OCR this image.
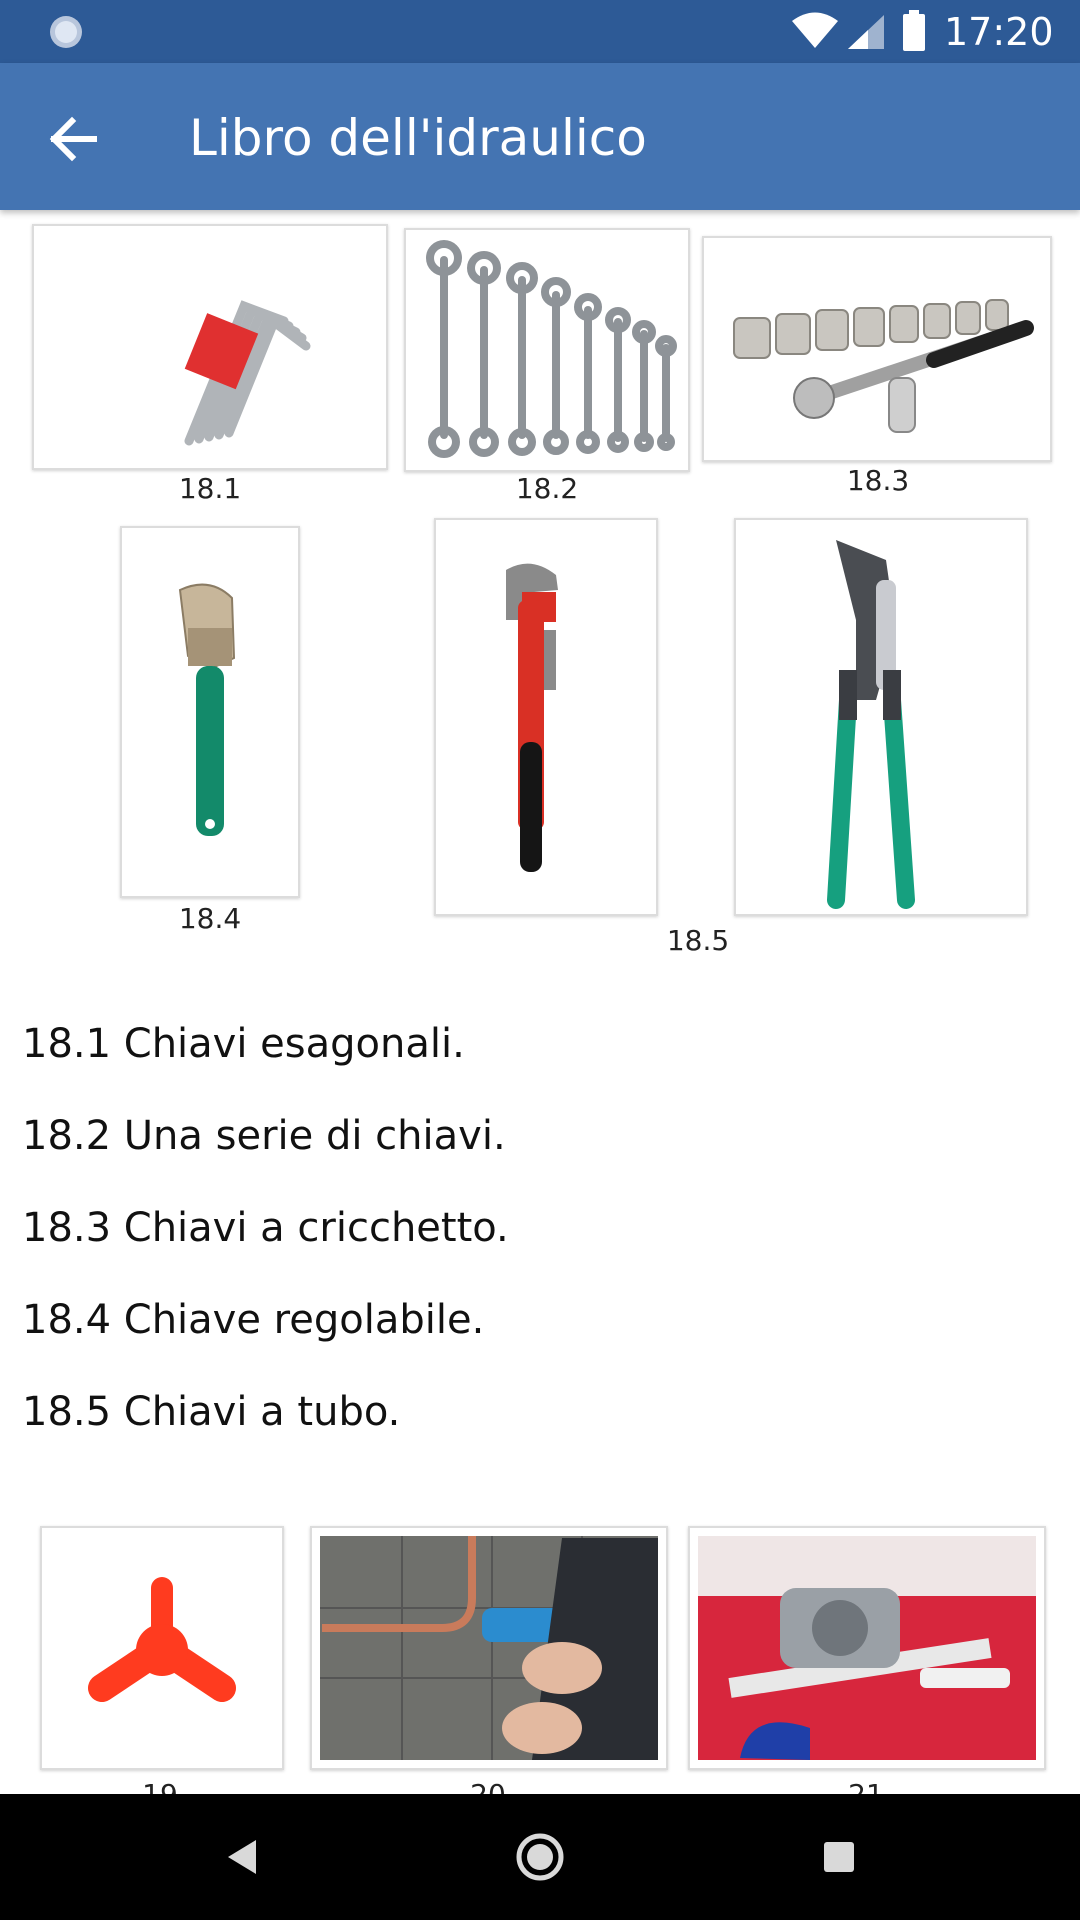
17:20
Libro dell'idraulico
18.1	18.2	18.3
18.4
18.5
18.1 Chiavi esagonali.
18.2 Una serie di chiavi.
18.3 Chiavi a cricchetto.
18.4 Chiave regolabile.
18.5 Chiavi a tubo.
